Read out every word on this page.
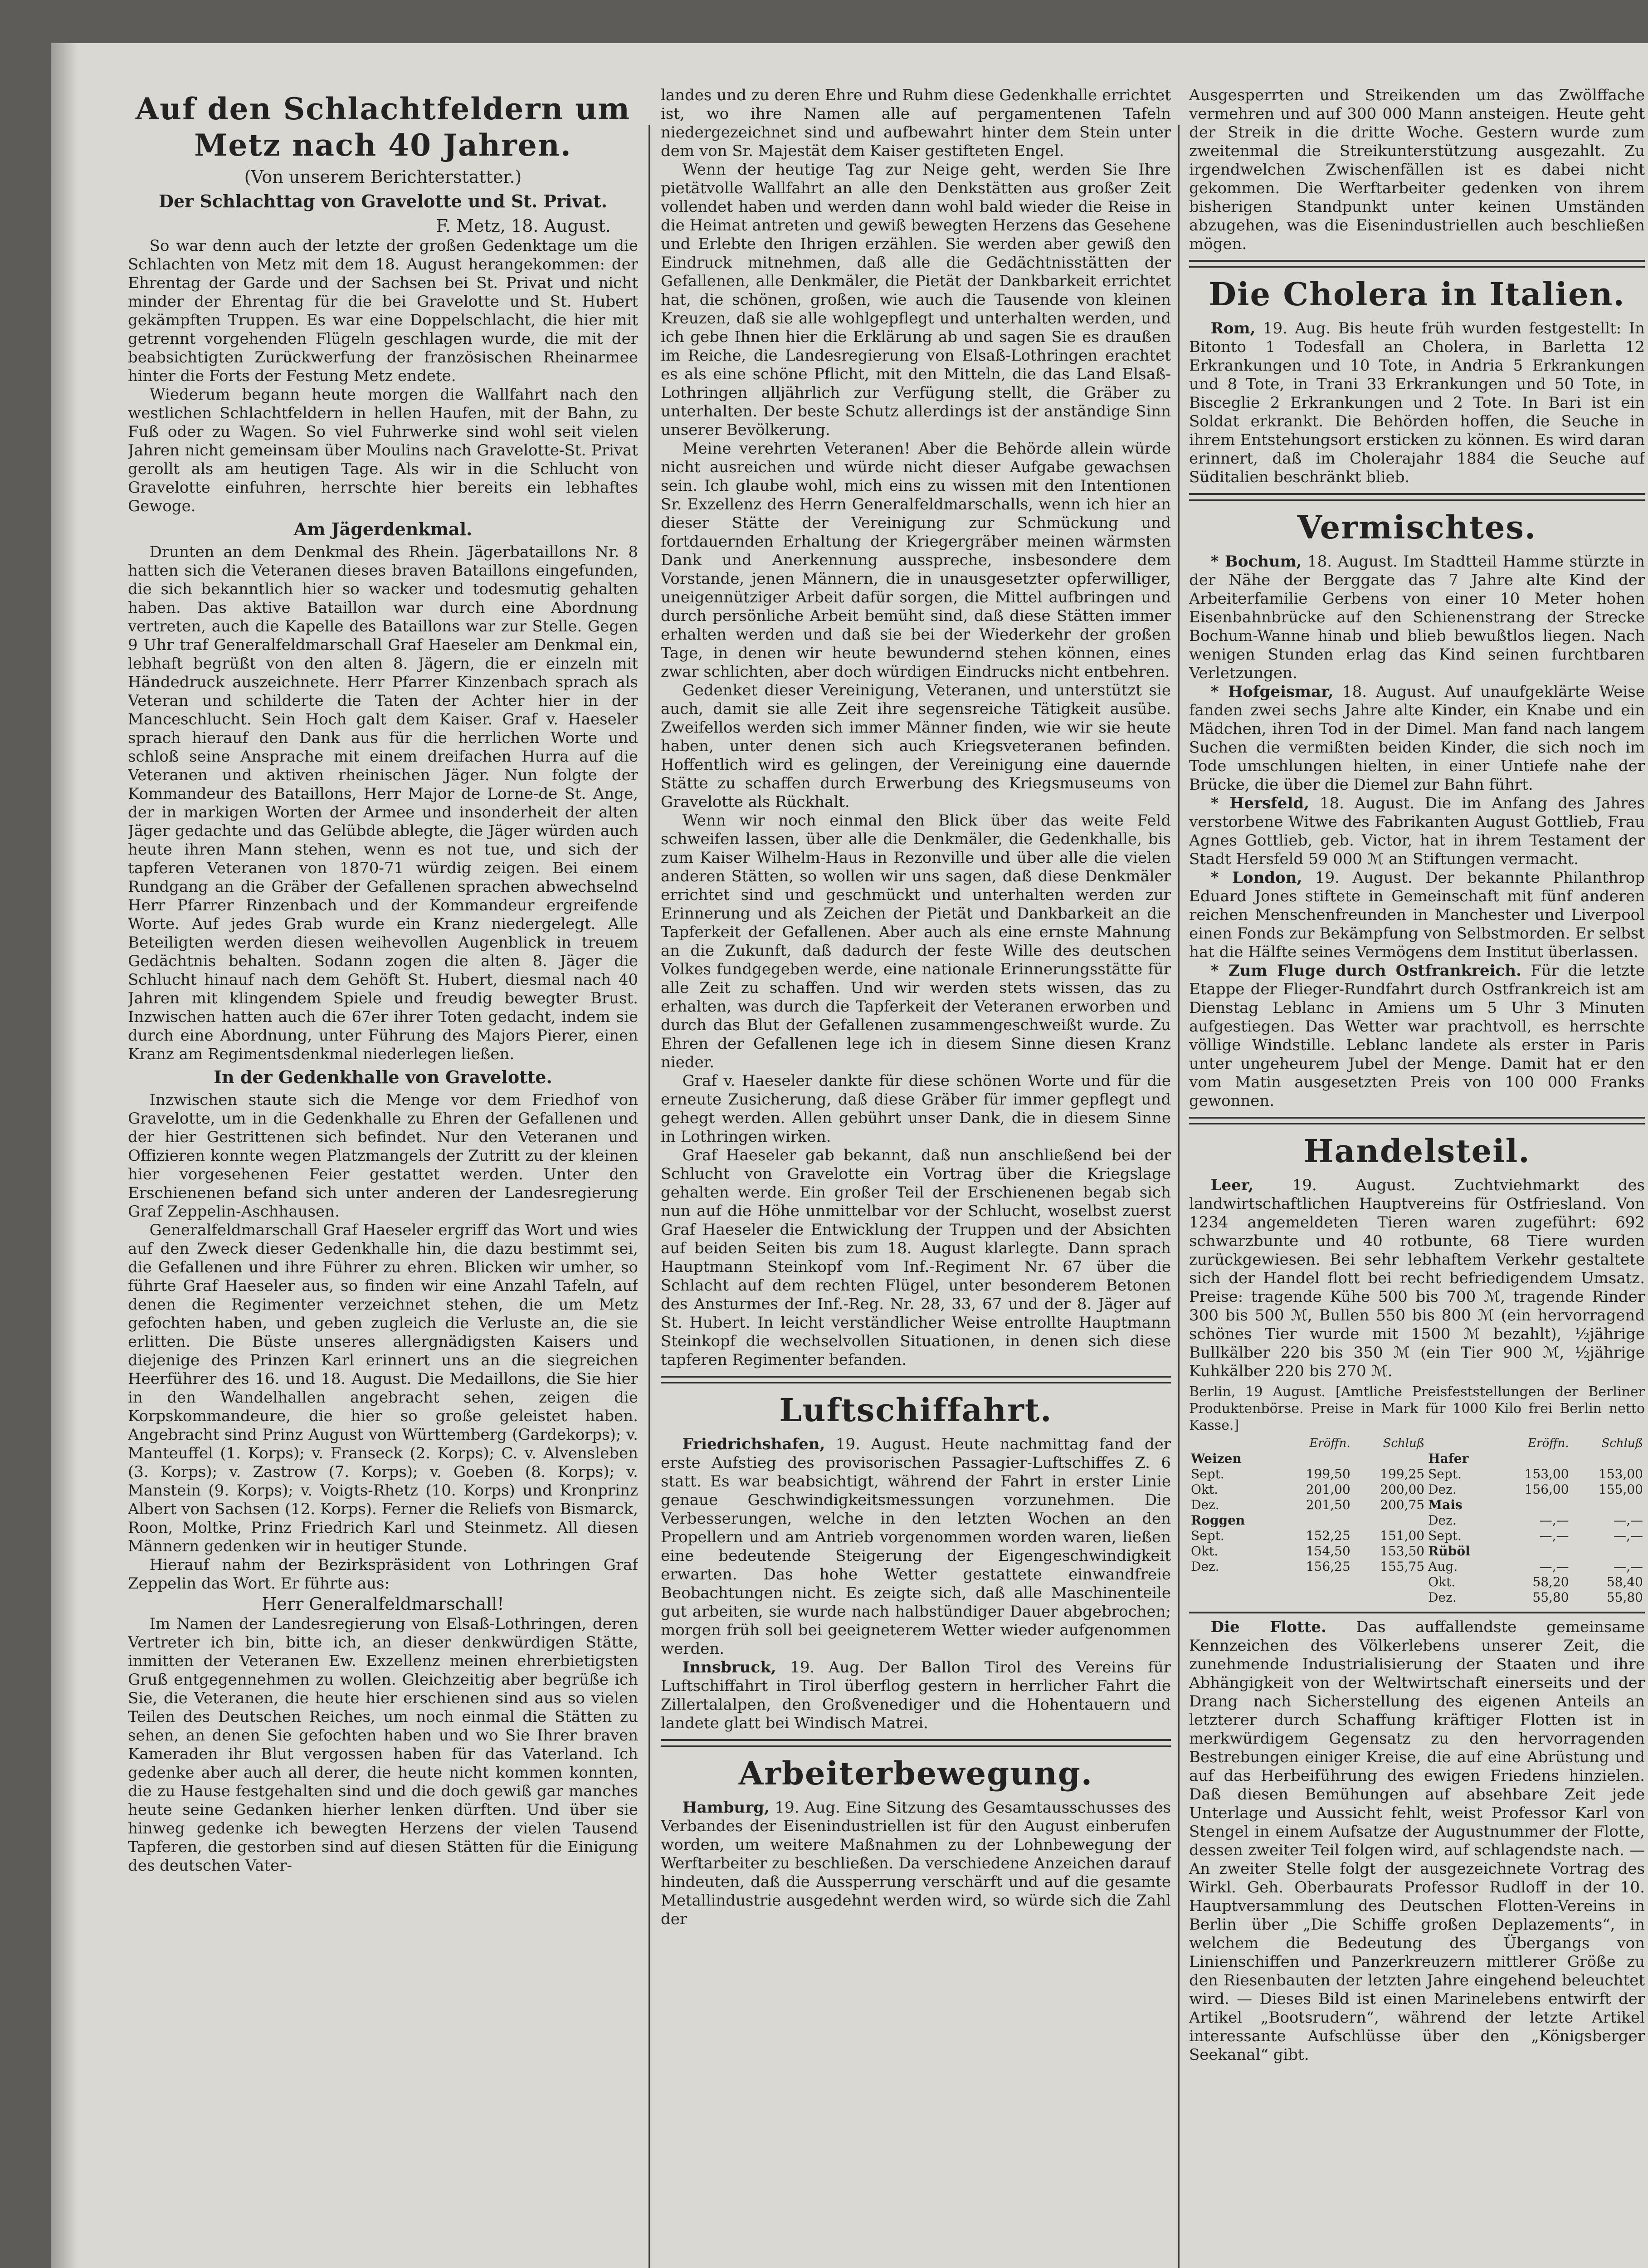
Auf den Schlachtfeldern um Metz nach 40 Jahren.
(Von unserem Berichterstatter.)
Der Schlachttag von Gravelotte und St. Privat.
F. Metz, 18. August.

So war denn auch der letzte der großen Gedenktage um die Schlachten von Metz mit dem 18. August herangekommen: der Ehrentag der Garde und der Sachsen bei St. Privat und nicht minder der Ehrentag für die bei Gravelotte und St. Hubert gekämpften Truppen. Es war eine Doppelschlacht, die hier mit getrennt vorgehenden Flügeln geschlagen wurde, die mit der beabsichtigten Zurückwerfung der französischen Rheinarmee hinter die Forts der Festung Metz endete.

Wiederum begann heute morgen die Wallfahrt nach den westlichen Schlachtfeldern in hellen Haufen, mit der Bahn, zu Fuß oder zu Wagen. So viel Fuhrwerke sind wohl seit vielen Jahren nicht gemeinsam über Moulins nach Gravelotte-St. Privat gerollt als am heutigen Tage. Als wir in die Schlucht von Gravelotte einfuhren, herrschte hier bereits ein lebhaftes Gewoge.

Am Jägerdenkmal.

Drunten an dem Denkmal des Rhein. Jägerbataillons Nr. 8 hatten sich die Veteranen dieses braven Bataillons eingefunden, die sich bekanntlich hier so wacker und todesmutig gehalten haben. Das aktive Bataillon war durch eine Abordnung vertreten, auch die Kapelle des Bataillons war zur Stelle. Gegen 9 Uhr traf Generalfeldmarschall Graf Haeseler am Denkmal ein, lebhaft begrüßt von den alten 8. Jägern, die er einzeln mit Händedruck auszeichnete. Herr Pfarrer Kinzenbach sprach als Veteran und schilderte die Taten der Achter hier in der Manceschlucht. Sein Hoch galt dem Kaiser. Graf v. Haeseler sprach hierauf den Dank aus für die herrlichen Worte und schloß seine Ansprache mit einem dreifachen Hurra auf die Veteranen und aktiven rheinischen Jäger. Nun folgte der Kommandeur des Bataillons, Herr Major de Lorne-de St. Ange, der in markigen Worten der Armee und insonderheit der alten Jäger gedachte und das Gelübde ablegte, die Jäger würden auch heute ihren Mann stehen, wenn es not tue, und sich der tapferen Veteranen von 1870-71 würdig zeigen. Bei einem Rundgang an die Gräber der Gefallenen sprachen abwechselnd Herr Pfarrer Rinzenbach und der Kommandeur ergreifende Worte. Auf jedes Grab wurde ein Kranz niedergelegt. Alle Beteiligten werden diesen weihevollen Augenblick in treuem Gedächtnis behalten. Sodann zogen die alten 8. Jäger die Schlucht hinauf nach dem Gehöft St. Hubert, diesmal nach 40 Jahren mit klingendem Spiele und freudig bewegter Brust. Inzwischen hatten auch die 67er ihrer Toten gedacht, indem sie durch eine Abordnung, unter Führung des Majors Pierer, einen Kranz am Regimentsdenkmal niederlegen ließen.

In der Gedenkhalle von Gravelotte.

Inzwischen staute sich die Menge vor dem Friedhof von Gravelotte, um in die Gedenkhalle zu Ehren der Gefallenen und der hier Gestrittenen sich befindet. Nur den Veteranen und Offizieren konnte wegen Platzmangels der Zutritt zu der kleinen hier vorgesehenen Feier gestattet werden. Unter den Erschienenen befand sich unter anderen der Landesregierung Graf Zeppelin-Aschhausen.

Generalfeldmarschall Graf Haeseler ergriff das Wort und wies auf den Zweck dieser Gedenkhalle hin, die dazu bestimmt sei, die Gefallenen und ihre Führer zu ehren. Blicken wir umher, so führte Graf Haeseler aus, so finden wir eine Anzahl Tafeln, auf denen die Regimenter verzeichnet stehen, die um Metz gefochten haben, und geben zugleich die Verluste an, die sie erlitten. Die Büste unseres allergnädigsten Kaisers und diejenige des Prinzen Karl erinnert uns an die siegreichen Heerführer des 16. und 18. August. Die Medaillons, die Sie hier in den Wandelhallen angebracht sehen, zeigen die Korpskommandeure, die hier so große geleistet haben. Angebracht sind Prinz August von Württemberg (Gardekorps); v. Manteuffel (1. Korps); v. Franseck (2. Korps); C. v. Alvensleben (3. Korps); v. Zastrow (7. Korps); v. Goeben (8. Korps); v. Manstein (9. Korps); v. Voigts-Rhetz (10. Korps) und Kronprinz Albert von Sachsen (12. Korps). Ferner die Reliefs von Bismarck, Roon, Moltke, Prinz Friedrich Karl und Steinmetz. All diesen Männern gedenken wir in heutiger Stunde.

Hierauf nahm der Bezirkspräsident von Lothringen Graf Zeppelin das Wort. Er führte aus:

Herr Generalfeldmarschall!

Im Namen der Landesregierung von Elsaß-Lothringen, deren Vertreter ich bin, bitte ich, an dieser denkwürdigen Stätte, inmitten der Veteranen Ew. Exzellenz meinen ehrerbietigsten Gruß entgegennehmen zu wollen. Gleichzeitig aber begrüße ich Sie, die Veteranen, die heute hier erschienen sind aus so vielen Teilen des Deutschen Reiches, um noch einmal die Stätten zu sehen, an denen Sie gefochten haben und wo Sie Ihrer braven Kameraden ihr Blut vergossen haben für das Vaterland. Ich gedenke aber auch all derer, die heute nicht kommen konnten, die zu Hause festgehalten sind und die doch gewiß gar manches heute seine Gedanken hierher lenken dürften. Und über sie hinweg gedenke ich bewegten Herzens der vielen Tausend Tapferen, die gestorben sind auf diesen Stätten für die Einigung des deutschen Vater-

landes und zu deren Ehre und Ruhm diese Gedenkhalle errichtet ist, wo ihre Namen alle auf pergamentenen Tafeln niedergezeichnet sind und aufbewahrt hinter dem Stein unter dem von Sr. Majestät dem Kaiser gestifteten Engel.

Wenn der heutige Tag zur Neige geht, werden Sie Ihre pietätvolle Wallfahrt an alle den Denkstätten aus großer Zeit vollendet haben und werden dann wohl bald wieder die Reise in die Heimat antreten und gewiß bewegten Herzens das Gesehene und Erlebte den Ihrigen erzählen. Sie werden aber gewiß den Eindruck mitnehmen, daß alle die Gedächtnisstätten der Gefallenen, alle Denkmäler, die Pietät der Dankbarkeit errichtet hat, die schönen, großen, wie auch die Tausende von kleinen Kreuzen, daß sie alle wohlgepflegt und unterhalten werden, und ich gebe Ihnen hier die Erklärung ab und sagen Sie es draußen im Reiche, die Landesregierung von Elsaß-Lothringen erachtet es als eine schöne Pflicht, mit den Mitteln, die das Land Elsaß-Lothringen alljährlich zur Verfügung stellt, die Gräber zu unterhalten. Der beste Schutz allerdings ist der anständige Sinn unserer Bevölkerung.

Meine verehrten Veteranen! Aber die Behörde allein würde nicht ausreichen und würde nicht dieser Aufgabe gewachsen sein. Ich glaube wohl, mich eins zu wissen mit den Intentionen Sr. Exzellenz des Herrn Generalfeldmarschalls, wenn ich hier an dieser Stätte der Vereinigung zur Schmückung und fortdauernden Erhaltung der Kriegergräber meinen wärmsten Dank und Anerkennung ausspreche, insbesondere dem Vorstande, jenen Männern, die in unausgesetzter opferwilliger, uneigennütziger Arbeit dafür sorgen, die Mittel aufbringen und durch persönliche Arbeit bemüht sind, daß diese Stätten immer erhalten werden und daß sie bei der Wiederkehr der großen Tage, in denen wir heute bewundernd stehen können, eines zwar schlichten, aber doch würdigen Eindrucks nicht entbehren.

Gedenket dieser Vereinigung, Veteranen, und unterstützt sie auch, damit sie alle Zeit ihre segensreiche Tätigkeit ausübe. Zweifellos werden sich immer Männer finden, wie wir sie heute haben, unter denen sich auch Kriegsveteranen befinden. Hoffentlich wird es gelingen, der Vereinigung eine dauernde Stätte zu schaffen durch Erwerbung des Kriegsmuseums von Gravelotte als Rückhalt.

Wenn wir noch einmal den Blick über das weite Feld schweifen lassen, über alle die Denkmäler, die Gedenkhalle, bis zum Kaiser Wilhelm-Haus in Rezonville und über alle die vielen anderen Stätten, so wollen wir uns sagen, daß diese Denkmäler errichtet sind und geschmückt und unterhalten werden zur Erinnerung und als Zeichen der Pietät und Dankbarkeit an die Tapferkeit der Gefallenen. Aber auch als eine ernste Mahnung an die Zukunft, daß dadurch der feste Wille des deutschen Volkes fundgegeben werde, eine nationale Erinnerungsstätte für alle Zeit zu schaffen. Und wir werden stets wissen, das zu erhalten, was durch die Tapferkeit der Veteranen erworben und durch das Blut der Gefallenen zusammengeschweißt wurde. Zu Ehren der Gefallenen lege ich in diesem Sinne diesen Kranz nieder.

Graf v. Haeseler dankte für diese schönen Worte und für die erneute Zusicherung, daß diese Gräber für immer gepflegt und gehegt werden. Allen gebührt unser Dank, die in diesem Sinne in Lothringen wirken.

Graf Haeseler gab bekannt, daß nun anschließend bei der Schlucht von Gravelotte ein Vortrag über die Kriegslage gehalten werde. Ein großer Teil der Erschienenen begab sich nun auf die Höhe unmittelbar vor der Schlucht, woselbst zuerst Graf Haeseler die Entwicklung der Truppen und der Absichten auf beiden Seiten bis zum 18. August klarlegte. Dann sprach Hauptmann Steinkopf vom Inf.-Regiment Nr. 67 über die Schlacht auf dem rechten Flügel, unter besonderem Betonen des Ansturmes der Inf.-Reg. Nr. 28, 33, 67 und der 8. Jäger auf St. Hubert. In leicht verständlicher Weise entrollte Hauptmann Steinkopf die wechselvollen Situationen, in denen sich diese tapferen Regimenter befanden.

Luftschiffahrt.

Friedrichshafen, 19. August. Heute nachmittag fand der erste Aufstieg des provisorischen Passagier-Luftschiffes Z. 6 statt. Es war beabsichtigt, während der Fahrt in erster Linie genaue Geschwindigkeitsmessungen vorzunehmen. Die Verbesserungen, welche in den letzten Wochen an den Propellern und am Antrieb vorgenommen worden waren, ließen eine bedeutende Steigerung der Eigengeschwindigkeit erwarten. Das hohe Wetter gestattete einwandfreie Beobachtungen nicht. Es zeigte sich, daß alle Maschinenteile gut arbeiten, sie wurde nach halbstündiger Dauer abgebrochen; morgen früh soll bei geeigneterem Wetter wieder aufgenommen werden.

Innsbruck, 19. Aug. Der Ballon Tirol des Vereins für Luftschiffahrt in Tirol überflog gestern in herrlicher Fahrt die Zillertalalpen, den Großvenediger und die Hohentauern und landete glatt bei Windisch Matrei.

Arbeiterbewegung.

Hamburg, 19. Aug. Eine Sitzung des Gesamtausschusses des Verbandes der Eisenindustriellen ist für den August einberufen worden, um weitere Maßnahmen zu der Lohnbewegung der Werftarbeiter zu beschließen. Da verschiedene Anzeichen darauf hindeuten, daß die Aussperrung verschärft und auf die gesamte Metallindustrie ausgedehnt werden wird, so würde sich die Zahl der

Ausgesperrten und Streikenden um das Zwölffache vermehren und auf 300 000 Mann ansteigen. Heute geht der Streik in die dritte Woche. Gestern wurde zum zweitenmal die Streikunterstützung ausgezahlt. Zu irgendwelchen Zwischenfällen ist es dabei nicht gekommen. Die Werftarbeiter gedenken von ihrem bisherigen Standpunkt unter keinen Umständen abzugehen, was die Eisenindustriellen auch beschließen mögen.

Die Cholera in Italien.

Rom, 19. Aug. Bis heute früh wurden festgestellt: In Bitonto 1 Todesfall an Cholera, in Barletta 12 Erkrankungen und 10 Tote, in Andria 5 Erkrankungen und 8 Tote, in Trani 33 Erkrankungen und 50 Tote, in Bisceglie 2 Erkrankungen und 2 Tote. In Bari ist ein Soldat erkrankt. Die Behörden hoffen, die Seuche in ihrem Entstehungsort ersticken zu können. Es wird daran erinnert, daß im Cholerajahr 1884 die Seuche auf Süditalien beschränkt blieb.

Vermischtes.

* Bochum, 18. August. Im Stadtteil Hamme stürzte in der Nähe der Berggate das 7 Jahre alte Kind der Arbeiterfamilie Gerbens von einer 10 Meter hohen Eisenbahnbrücke auf den Schienenstrang der Strecke Bochum-Wanne hinab und blieb bewußtlos liegen. Nach wenigen Stunden erlag das Kind seinen furchtbaren Verletzungen.

* Hofgeismar, 18. August. Auf unaufgeklärte Weise fanden zwei sechs Jahre alte Kinder, ein Knabe und ein Mädchen, ihren Tod in der Dimel. Man fand nach langem Suchen die vermißten beiden Kinder, die sich noch im Tode umschlungen hielten, in einer Untiefe nahe der Brücke, die über die Diemel zur Bahn führt.

* Hersfeld, 18. August. Die im Anfang des Jahres verstorbene Witwe des Fabrikanten August Gottlieb, Frau Agnes Gottlieb, geb. Victor, hat in ihrem Testament der Stadt Hersfeld 59 000 ℳ an Stiftungen vermacht.

* London, 19. August. Der bekannte Philanthrop Eduard Jones stiftete in Gemeinschaft mit fünf anderen reichen Menschenfreunden in Manchester und Liverpool einen Fonds zur Bekämpfung von Selbstmorden. Er selbst hat die Hälfte seines Vermögens dem Institut überlassen.

* Zum Fluge durch Ostfrankreich. Für die letzte Etappe der Flieger-Rundfahrt durch Ostfrankreich ist am Dienstag Leblanc in Amiens um 5 Uhr 3 Minuten aufgestiegen. Das Wetter war prachtvoll, es herrschte völlige Windstille. Leblanc landete als erster in Paris unter ungeheurem Jubel der Menge. Damit hat er den vom Matin ausgesetzten Preis von 100 000 Franks gewonnen.

Handelsteil.

Leer, 19. August. Zuchtviehmarkt des landwirtschaftlichen Hauptvereins für Ostfriesland. Von 1234 angemeldeten Tieren waren zugeführt: 692 schwarzbunte und 40 rotbunte, 68 Tiere wurden zurückgewiesen. Bei sehr lebhaftem Verkehr gestaltete sich der Handel flott bei recht befriedigendem Umsatz. Preise: tragende Kühe 500 bis 700 ℳ, tragende Rinder 300 bis 500 ℳ, Bullen 550 bis 800 ℳ (ein hervorragend schönes Tier wurde mit 1500 ℳ bezahlt), ½jährige Bullkälber 220 bis 350 ℳ (ein Tier 900 ℳ, ½jährige Kuhkälber 220 bis 270 ℳ.

Berlin, 19 August. [Amtliche Preisfeststellungen der Berliner Produktenbörse. Preise in Mark für 1000 Kilo frei Berlin netto Kasse.]
	Eröffn.	Schluß		Eröffn.	Schluß
Weizen			Hafer		
Sept.	199,50	199,25	Sept.	153,00	153,00
Okt.	201,00	200,00	Dez.	156,00	155,00
Dez.	201,50	200,75	Mais		
Roggen			Dez.	—,—	—,—
Sept.	152,25	151,00	Sept.	—,—	—,—
Okt.	154,50	153,50	Rüböl		
Dez.	156,25	155,75	Aug.	—,—	—,—
			Okt.	58,20	58,40
			Dez.	55,80	55,80

Die Flotte. Das auffallendste gemeinsame Kennzeichen des Völkerlebens unserer Zeit, die zunehmende Industrialisierung der Staaten und ihre Abhängigkeit von der Weltwirtschaft einerseits und der Drang nach Sicherstellung des eigenen Anteils an letzterer durch Schaffung kräftiger Flotten ist in merkwürdigem Gegensatz zu den hervorragenden Bestrebungen einiger Kreise, die auf eine Abrüstung und auf das Herbeiführung des ewigen Friedens hinzielen. Daß diesen Bemühungen auf absehbare Zeit jede Unterlage und Aussicht fehlt, weist Professor Karl von Stengel in einem Aufsatze der Augustnummer der Flotte, dessen zweiter Teil folgen wird, auf schlagendste nach. — An zweiter Stelle folgt der ausgezeichnete Vortrag des Wirkl. Geh. Oberbaurats Professor Rudloff in der 10. Hauptversammlung des Deutschen Flotten-Vereins in Berlin über „Die Schiffe großen Deplazements“, in welchem die Bedeutung des Übergangs von Linienschiffen und Panzerkreuzern mittlerer Größe zu den Riesenbauten der letzten Jahre eingehend beleuchtet wird. — Dieses Bild ist einen Marinelebens entwirft der Artikel „Bootsrudern“, während der letzte Artikel interessante Aufschlüsse über den „Königsberger Seekanal“ gibt.
